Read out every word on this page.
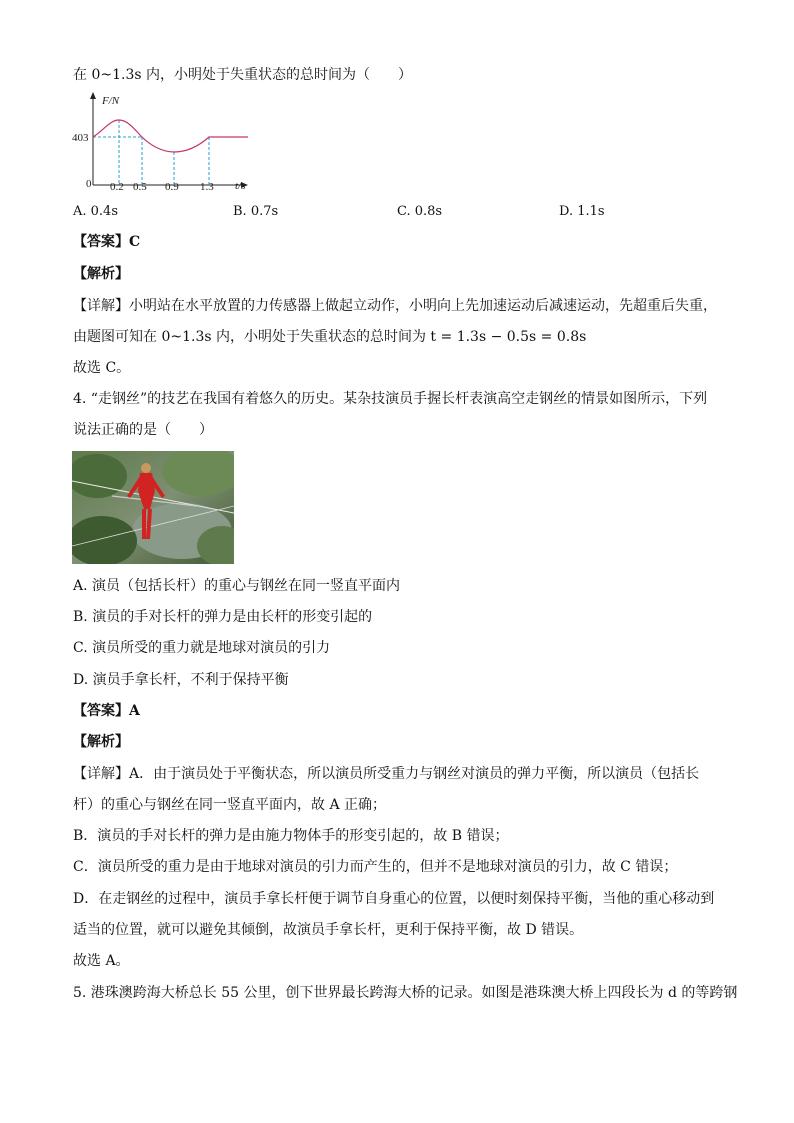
在 0~1.3s 内，小明处于失重状态的总时间为（　　）
F/N
t/s
0
403
0.2 0.5 0.9 1.3
A. 0.4s	B. 0.7s	C. 0.8s	D. 1.1s
【答案】C
【解析】
【详解】小明站在水平放置的力传感器上做起立动作，小明向上先加速运动后减速运动，先超重后失重，
由题图可知在 0~1.3s 内，小明处于失重状态的总时间为 t = 1.3s − 0.5s = 0.8s
故选 C。
4. “走钢丝”的技艺在我国有着悠久的历史。某杂技演员手握长杆表演高空走钢丝的情景如图所示，下列
说法正确的是（　　）
A. 演员（包括长杆）的重心与钢丝在同一竖直平面内
B. 演员的手对长杆的弹力是由长杆的形变引起的
C. 演员所受的重力就是地球对演员的引力
D. 演员手拿长杆，不利于保持平衡
【答案】A
【解析】
【详解】A．由于演员处于平衡状态，所以演员所受重力与钢丝对演员的弹力平衡，所以演员（包括长
杆）的重心与钢丝在同一竖直平面内，故 A 正确；
B．演员的手对长杆的弹力是由施力物体手的形变引起的，故 B 错误；
C．演员所受的重力是由于地球对演员的引力而产生的，但并不是地球对演员的引力，故 C 错误；
D．在走钢丝的过程中，演员手拿长杆便于调节自身重心的位置，以便时刻保持平衡，当他的重心移动到
适当的位置，就可以避免其倾倒，故演员手拿长杆，更利于保持平衡，故 D 错误。
故选 A。
5. 港珠澳跨海大桥总长 55 公里，创下世界最长跨海大桥的记录。如图是港珠澳大桥上四段长为 d 的等跨钢
